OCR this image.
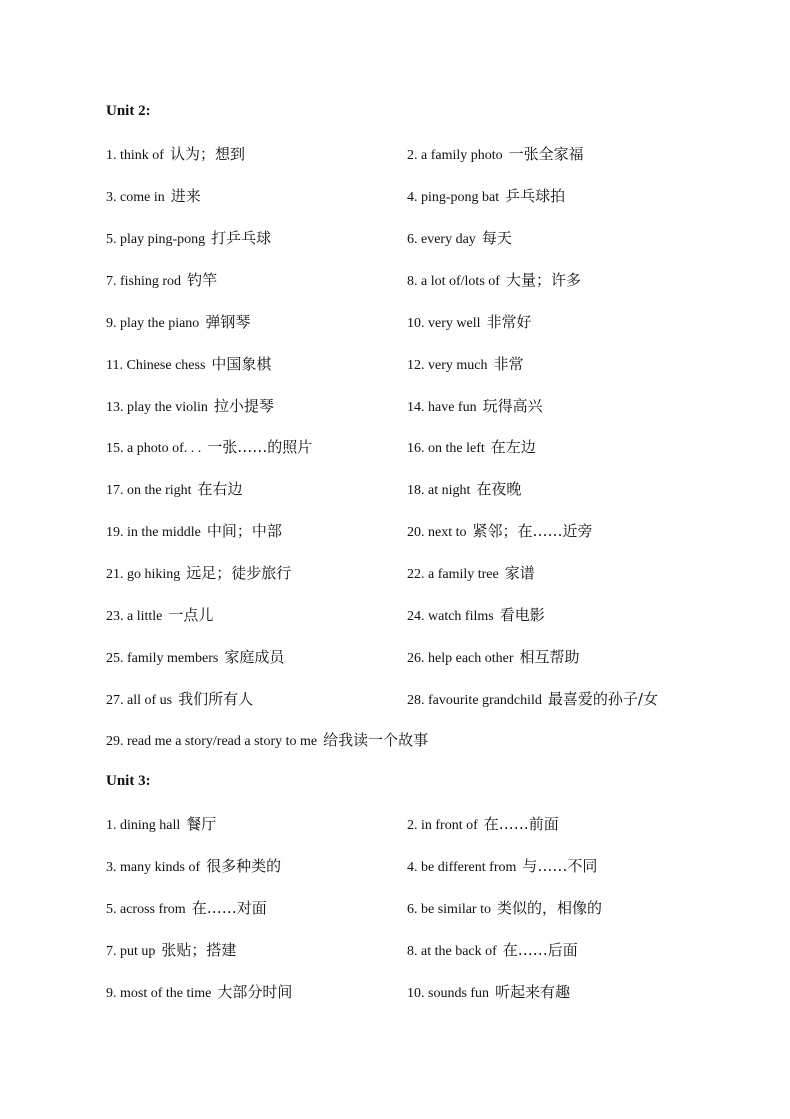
Unit 2:
1. think of 认为；想到	2. a family photo 一张全家福
3. come in 进来	4. ping-pong bat 乒乓球拍
5. play ping-pong 打乒乓球	6. every day 每天
7. fishing rod 钓竿	8. a lot of/lots of 大量；许多
9. play the piano 弹钢琴	10. very well 非常好
11. Chinese chess 中国象棋	12. very much 非常
13. play the violin 拉小提琴	14. have fun 玩得高兴
15. a photo of. . . 一张……的照片	16. on the left 在左边
17. on the right 在右边	18. at night 在夜晚
19. in the middle 中间；中部	20. next to 紧邻；在……近旁
21. go hiking 远足；徒步旅行	22. a family tree 家谱
23. a little 一点儿	24. watch films 看电影
25. family members 家庭成员	26. help each other 相互帮助
27. all of us 我们所有人	28. favourite grandchild 最喜爱的孙子/女
29. read me a story/read a story to me 给我读一个故事
Unit 3:
1. dining hall 餐厅	2. in front of 在……前面
3. many kinds of 很多种类的	4. be different from 与……不同
5. across from 在……对面	6. be similar to 类似的，相像的
7. put up 张贴；搭建	8. at the back of 在……后面
9. most of the time 大部分时间	10. sounds fun 听起来有趣
